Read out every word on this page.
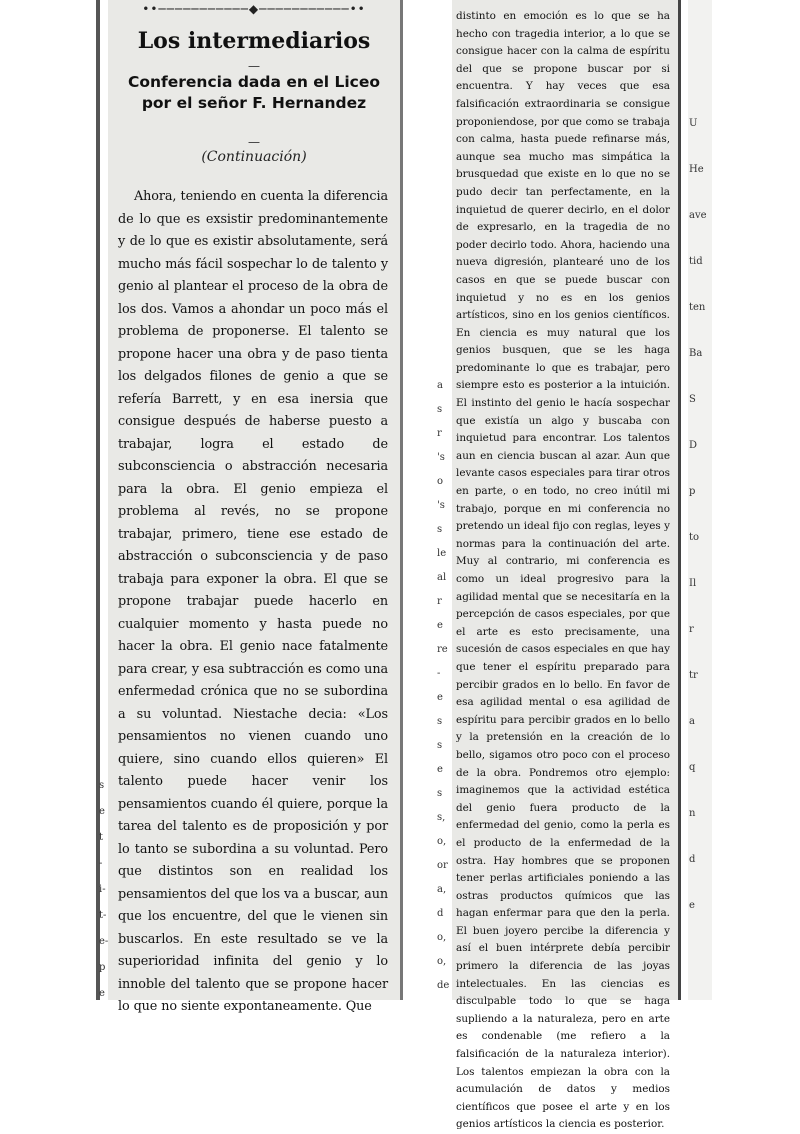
s
e
t
-
i-
t-
e-
p
e
••───────────◆───────────••
Los intermediarios
—
Conferencia dada en el Liceo por el señor F. Hernandez
—
(Continuación)
Ahora, teniendo en cuenta la diferencia de lo que es exsistir predominantemente y de lo que es existir absolutamente, será mucho más fácil sospechar lo de talento y genio al plantear el proceso de la obra de los dos. Vamos a ahondar un poco más el problema de proponerse. El talento se propone hacer una obra y de paso tienta los delgados filones de genio a que se refería Barrett, y en esa inersia que consigue después de haberse puesto a trabajar, logra el estado de subconsciencia o abstracción necesaria para la obra. El genio empieza el problema al revés, no se propone trabajar, primero, tiene ese estado de abstracción o subconsciencia y de paso trabaja para exponer la obra. El que se propone trabajar puede hacerlo en cualquier momento y hasta puede no hacer la obra. El genio nace fatalmente para crear, y esa subtracción es como una enfermedad crónica que no se subordina a su voluntad. Niestache decia: «Los pensamientos no vienen cuando uno quiere, sino cuando ellos quieren» El talento puede hacer venir los pensamientos cuando él quiere, porque la tarea del talento es de proposición y por lo tanto se subordina a su voluntad. Pero que distintos son en realidad los pensamientos del que los va a buscar, aun que los encuentre, del que le vienen sin buscarlos. En este resultado se ve la superioridad infinita del genio y lo innoble del talento que se propone hacer lo que no siente expontaneamente. Que
a
s
r
's
o
's
s
le
al
r
e
re
-
e
s
s
e
s
s,
o,
or
a,
d
o,
o,
de
distinto en emoción es lo que se ha hecho con tragedia interior, a lo que se consigue hacer con la calma de espíritu del que se propone buscar por si encuentra. Y hay veces que esa falsificación extraordinaria se consigue proponiendose, por que como se trabaja con calma, hasta puede refinarse más, aunque sea mucho mas simpática la brusquedad que existe en lo que no se pudo decir tan perfectamente, en la inquietud de querer decirlo, en el dolor de expresarlo, en la tragedia de no poder decirlo todo. Ahora, haciendo una nueva digresión, plantearé uno de los casos en que se puede buscar con inquietud y no es en los genios artísticos, sino en los genios científicos. En ciencia es muy natural que los genios busquen, que se les haga predominante lo que es trabajar, pero siempre esto es posterior a la intuición. El instinto del genio le hacía sospechar que existía un algo y buscaba con inquietud para encontrar. Los talentos aun en ciencia buscan al azar. Aun que levante casos especiales para tirar otros en parte, o en todo, no creo inútil mi trabajo, porque en mi conferencia no pretendo un ideal fijo con reglas, leyes y normas para la continuación del arte. Muy al contrario, mi conferencia es como un ideal progresivo para la agilidad mental que se necesitaría en la percepción de casos especiales, por que el arte es esto precisamente, una sucesión de casos especiales en que hay que tener el espíritu preparado para percibir grados en lo bello. En favor de esa agilidad mental o esa agilidad de espíritu para percibir grados en lo bello y la pretensión en la creación de lo bello, sigamos otro poco con el proceso de la obra. Pondremos otro ejemplo: imaginemos que la actividad estética del genio fuera producto de la enfermedad del genio, como la perla es el producto de la enfermedad de la ostra. Hay hombres que se proponen tener perlas artificiales poniendo a las ostras productos químicos que las hagan enfermar para que den la perla. El buen joyero percibe la diferencia y así el buen intérprete debía percibir primero la diferencia de las joyas intelectuales. En las ciencias es disculpable todo lo que se haga supliendo a la naturaleza, pero en arte es condenable (me refiero a la falsificación de la naturaleza interior). Los talentos empiezan la obra con la acumulación de datos y medios científicos que posee el arte y en los genios artísticos la ciencia es posterior.
U
He
ave
tid
ten
Ba
S
D
p
to
Il
r
tr
a
q
n
d
e
